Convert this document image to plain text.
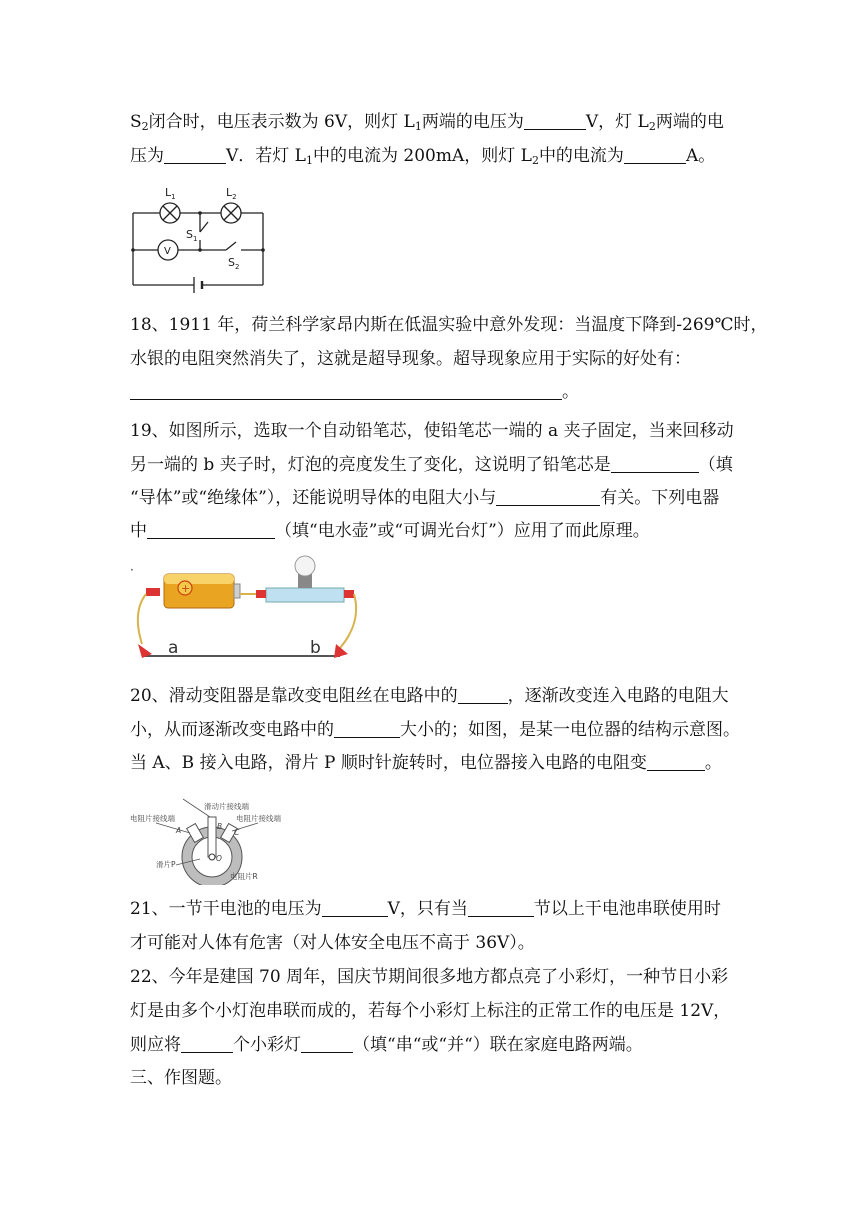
$S_2$闭合时，电压表示数为 6V，则灯 $L_1$两端的电压为	V，灯 $L_2$两端的电
压为	V．若灯 $L_1$中的电流为 200mA，则灯 $L_2$中的电流为	A。
$L_1$	$L_2$
$S_1$
$S_2$
V
18、1911 年，荷兰科学家昂内斯在低温实验中意外发现：当温度下降到-269℃时，
水银的电阻突然消失了，这就是超导现象。超导现象应用于实际的好处有：
。
19、如图所示，选取一个自动铅笔芯，使铅笔芯一端的 a 夹子固定，当来回移动
另一端的 b 夹子时，灯泡的亮度发生了变化，这说明了铅笔芯是	（填
“导体”或“绝缘体”），还能说明导体的电阻大小与	有关。下列电器
中	（填“电水壶”或“可调光台灯”）应用了而此原理。
·
+
a	b
20、滑动变阻器是靠改变电阻丝在电路中的	，逐渐改变连入电路的电阻大
小，从而逐渐改变电路中的	大小的；如图，是某一电位器的结构示意图。
当 A、B 接入电路，滑片 P 顺时针旋转时，电位器接入电路的电阻变	。
滑动片接线端
电阻片接线端	电阻片接线端
A	B
C
O
滑片P
电阻片R
21、一节干电池的电压为	V，只有当	节以上干电池串联使用时
才可能对人体有危害（对人体安全电压不高于 36V）。
22、今年是建国 70 周年，国庆节期间很多地方都点亮了小彩灯，一种节日小彩
灯是由多个小灯泡串联而成的，若每个小彩灯上标注的正常工作的电压是 12V，
则应将	个小彩灯	（填“串“或“并“）联在家庭电路两端。
三、作图题。
